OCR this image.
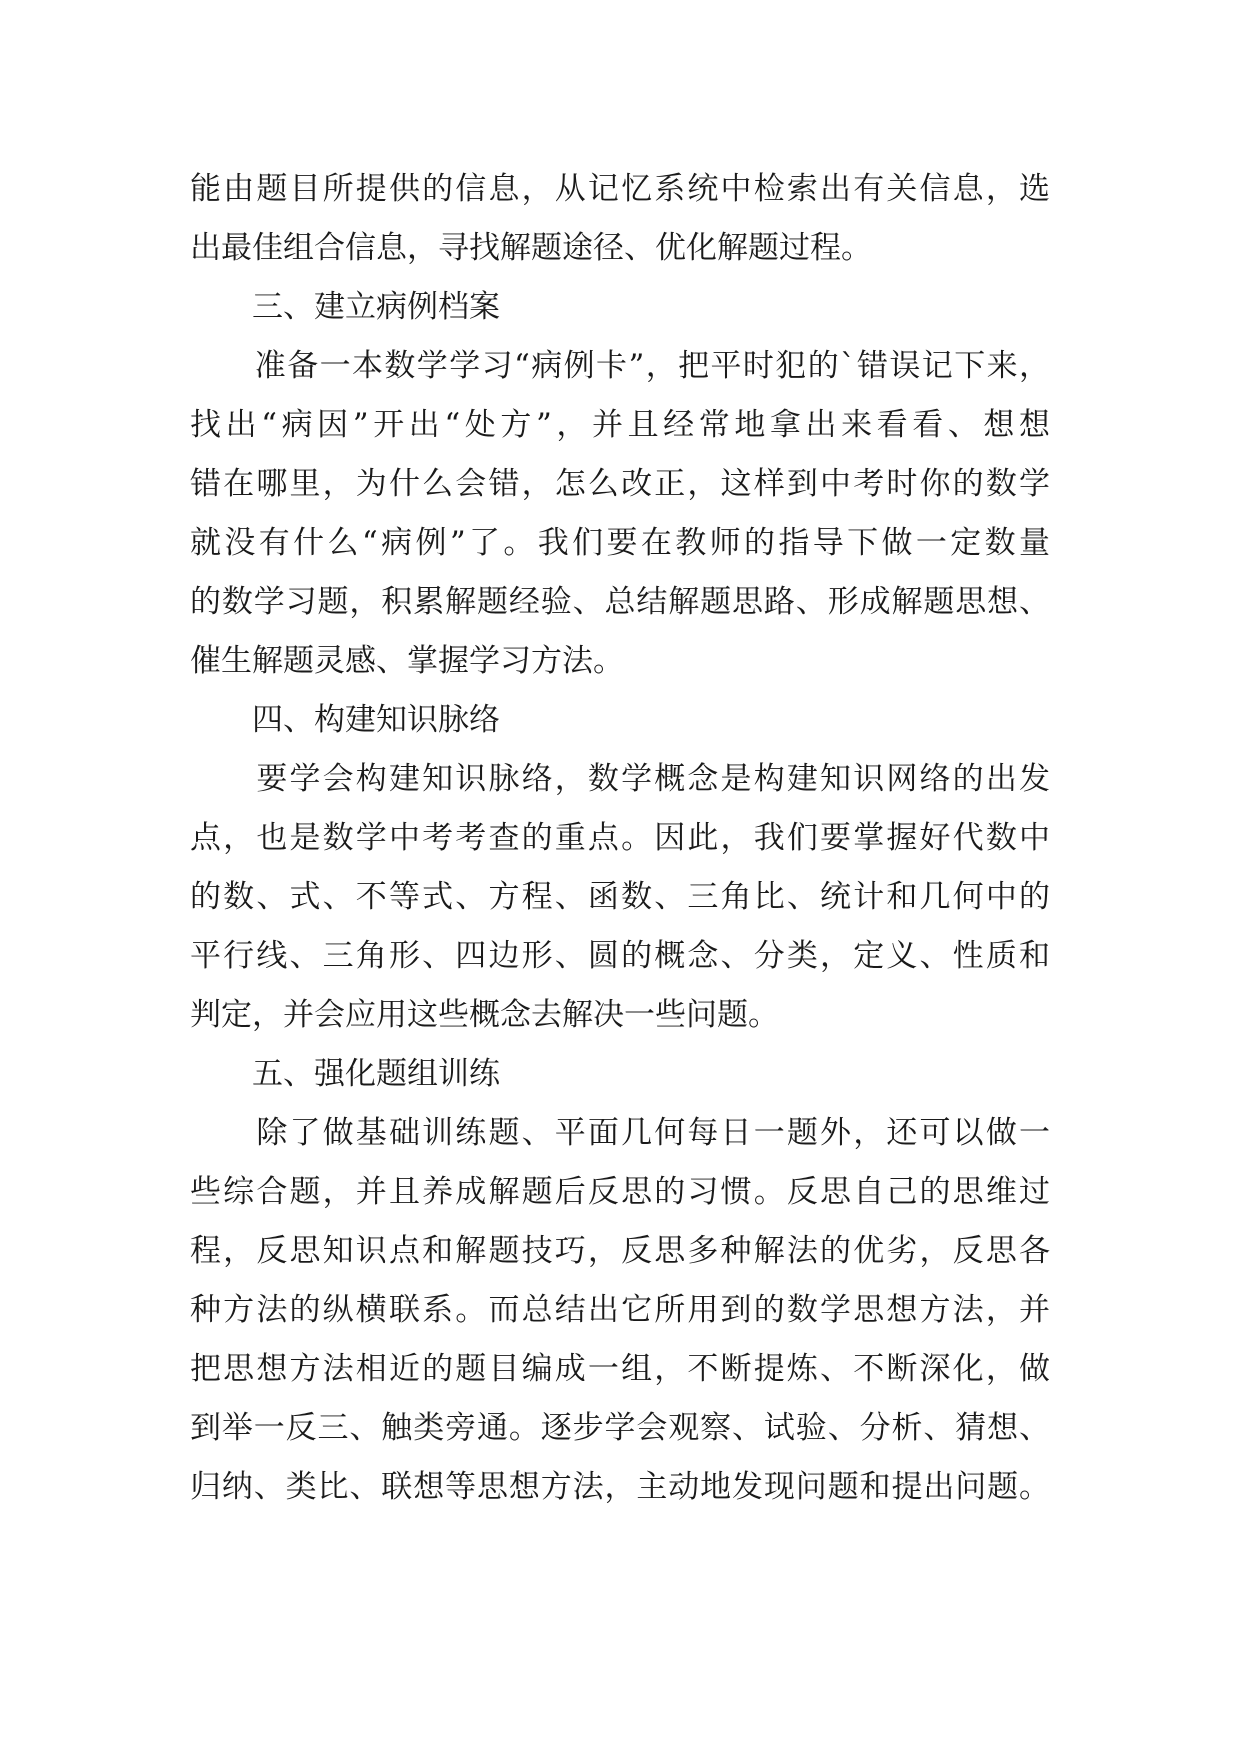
能由题目所提供的信息，从记忆系统中检索出有关信息，选
出最佳组合信息，寻找解题途径、优化解题过程。
　　三、建立病例档案
　　准备一本数学学习“病例卡”，把平时犯的`错误记下来，
找出“病因”开出“处方”，并且经常地拿出来看看、想想
错在哪里，为什么会错，怎么改正，这样到中考时你的数学
就没有什么“病例”了。我们要在教师的指导下做一定数量
的数学习题，积累解题经验、总结解题思路、形成解题思想、
催生解题灵感、掌握学习方法。
　　四、构建知识脉络
　　要学会构建知识脉络，数学概念是构建知识网络的出发
点，也是数学中考考查的重点。因此，我们要掌握好代数中
的数、式、不等式、方程、函数、三角比、统计和几何中的
平行线、三角形、四边形、圆的概念、分类，定义、性质和
判定，并会应用这些概念去解决一些问题。
　　五、强化题组训练
　　除了做基础训练题、平面几何每日一题外，还可以做一
些综合题，并且养成解题后反思的习惯。反思自己的思维过
程，反思知识点和解题技巧，反思多种解法的优劣，反思各
种方法的纵横联系。而总结出它所用到的数学思想方法，并
把思想方法相近的题目编成一组，不断提炼、不断深化，做
到举一反三、触类旁通。逐步学会观察、试验、分析、猜想、
归纳、类比、联想等思想方法，主动地发现问题和提出问题。
